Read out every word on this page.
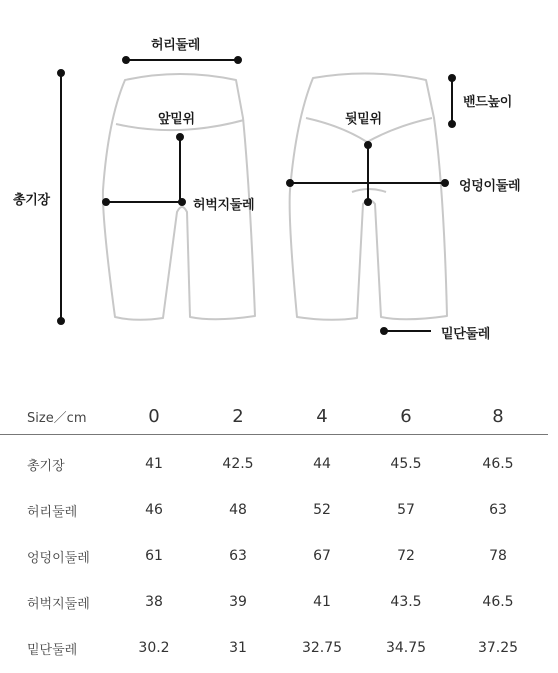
허리둘레
총기장
앞밑위
허벅지둘레
뒷밑위
밴드높이
엉덩이둘레
밑단둘레
Size／cm	0	2	4	6	8
총기장	41	42.5	44	45.5	46.5
허리둘레	46	48	52	57	63
엉덩이둘레	61	63	67	72	78
허벅지둘레	38	39	41	43.5	46.5
밑단둘레	30.2	31	32.75	34.75	37.25
